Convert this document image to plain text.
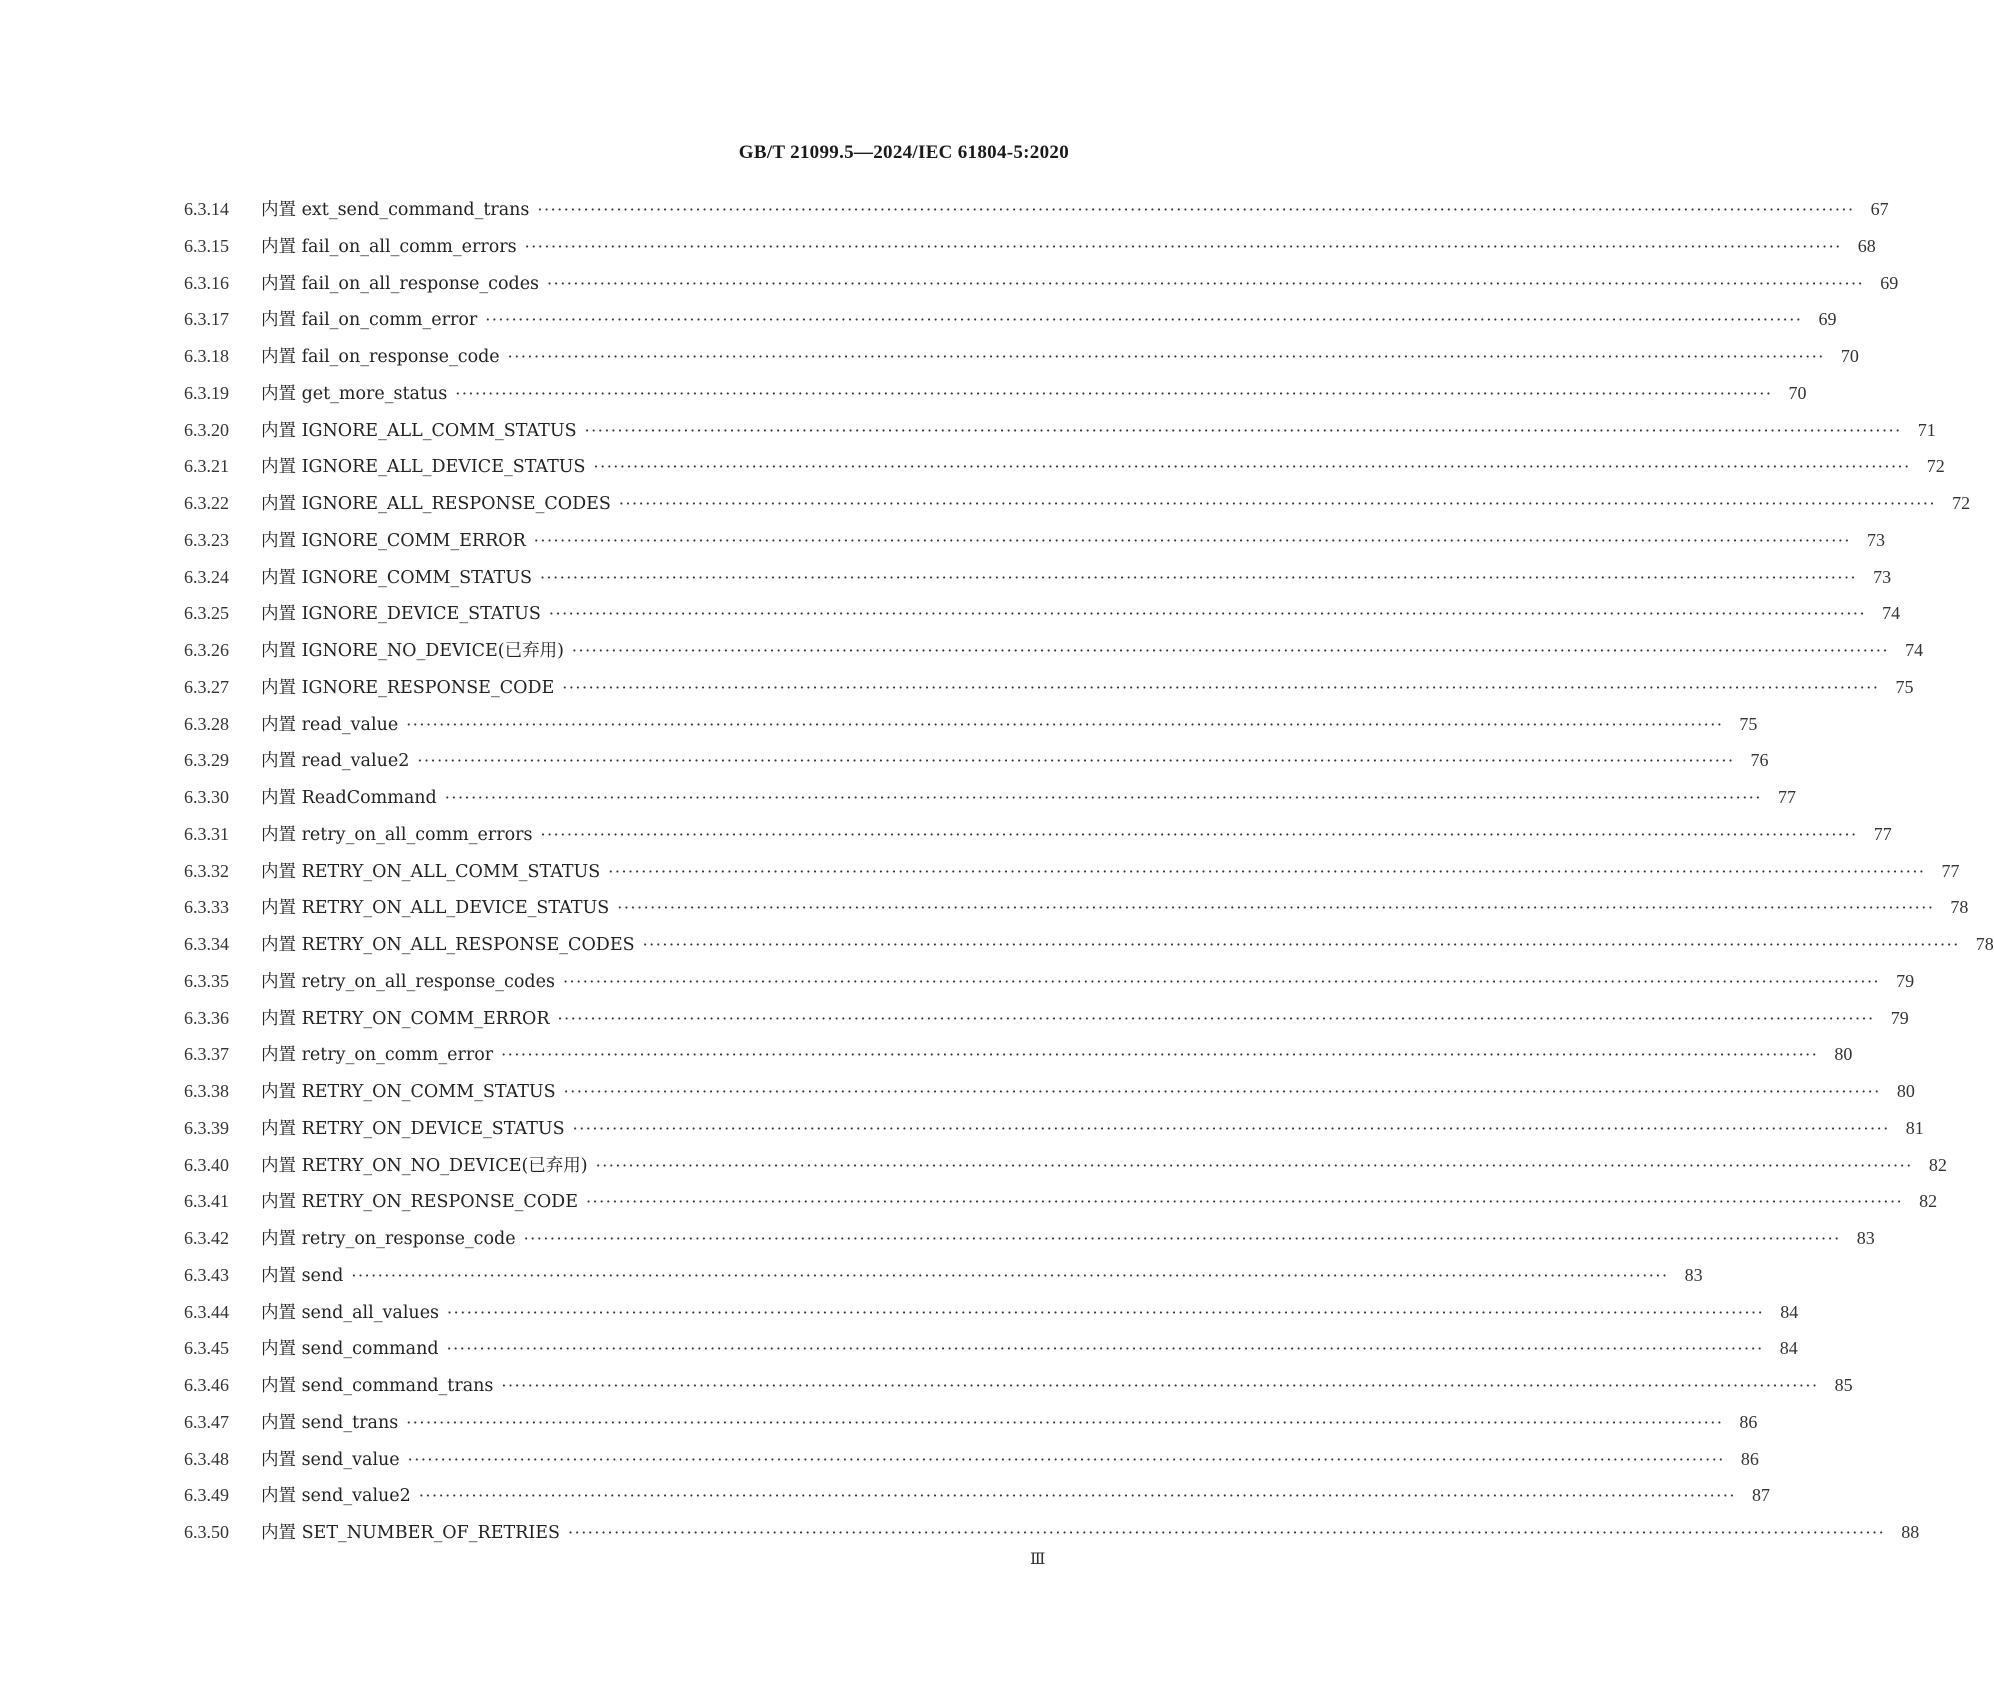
GB/T 21099.5—2024/IEC 61804-5:2020
6.3.14	内置 ext_send_command_trans ········································································································································································································ 67
6.3.15	内置 fail_on_all_comm_errors ········································································································································································································ 68
6.3.16	内置 fail_on_all_response_codes ········································································································································································································ 69
6.3.17	内置 fail_on_comm_error ········································································································································································································ 69
6.3.18	内置 fail_on_response_code ········································································································································································································ 70
6.3.19	内置 get_more_status ········································································································································································································ 70
6.3.20	内置 IGNORE_ALL_COMM_STATUS ········································································································································································································ 71
6.3.21	内置 IGNORE_ALL_DEVICE_STATUS ········································································································································································································ 72
6.3.22	内置 IGNORE_ALL_RESPONSE_CODES ········································································································································································································ 72
6.3.23	内置 IGNORE_COMM_ERROR ········································································································································································································ 73
6.3.24	内置 IGNORE_COMM_STATUS ········································································································································································································ 73
6.3.25	内置 IGNORE_DEVICE_STATUS ········································································································································································································ 74
6.3.26	内置 IGNORE_NO_DEVICE(已弃用) ········································································································································································································ 74
6.3.27	内置 IGNORE_RESPONSE_CODE ········································································································································································································ 75
6.3.28	内置 read_value ········································································································································································································ 75
6.3.29	内置 read_value2 ········································································································································································································ 76
6.3.30	内置 ReadCommand ········································································································································································································ 77
6.3.31	内置 retry_on_all_comm_errors ········································································································································································································ 77
6.3.32	内置 RETRY_ON_ALL_COMM_STATUS ········································································································································································································ 77
6.3.33	内置 RETRY_ON_ALL_DEVICE_STATUS ········································································································································································································ 78
6.3.34	内置 RETRY_ON_ALL_RESPONSE_CODES ········································································································································································································ 78
6.3.35	内置 retry_on_all_response_codes ········································································································································································································ 79
6.3.36	内置 RETRY_ON_COMM_ERROR ········································································································································································································ 79
6.3.37	内置 retry_on_comm_error ········································································································································································································ 80
6.3.38	内置 RETRY_ON_COMM_STATUS ········································································································································································································ 80
6.3.39	内置 RETRY_ON_DEVICE_STATUS ········································································································································································································ 81
6.3.40	内置 RETRY_ON_NO_DEVICE(已弃用) ········································································································································································································ 82
6.3.41	内置 RETRY_ON_RESPONSE_CODE ········································································································································································································ 82
6.3.42	内置 retry_on_response_code ········································································································································································································ 83
6.3.43	内置 send ········································································································································································································ 83
6.3.44	内置 send_all_values ········································································································································································································ 84
6.3.45	内置 send_command ········································································································································································································ 84
6.3.46	内置 send_command_trans ········································································································································································································ 85
6.3.47	内置 send_trans ········································································································································································································ 86
6.3.48	内置 send_value ········································································································································································································ 86
6.3.49	内置 send_value2 ········································································································································································································ 87
6.3.50	内置 SET_NUMBER_OF_RETRIES ········································································································································································································ 88
Ⅲ
